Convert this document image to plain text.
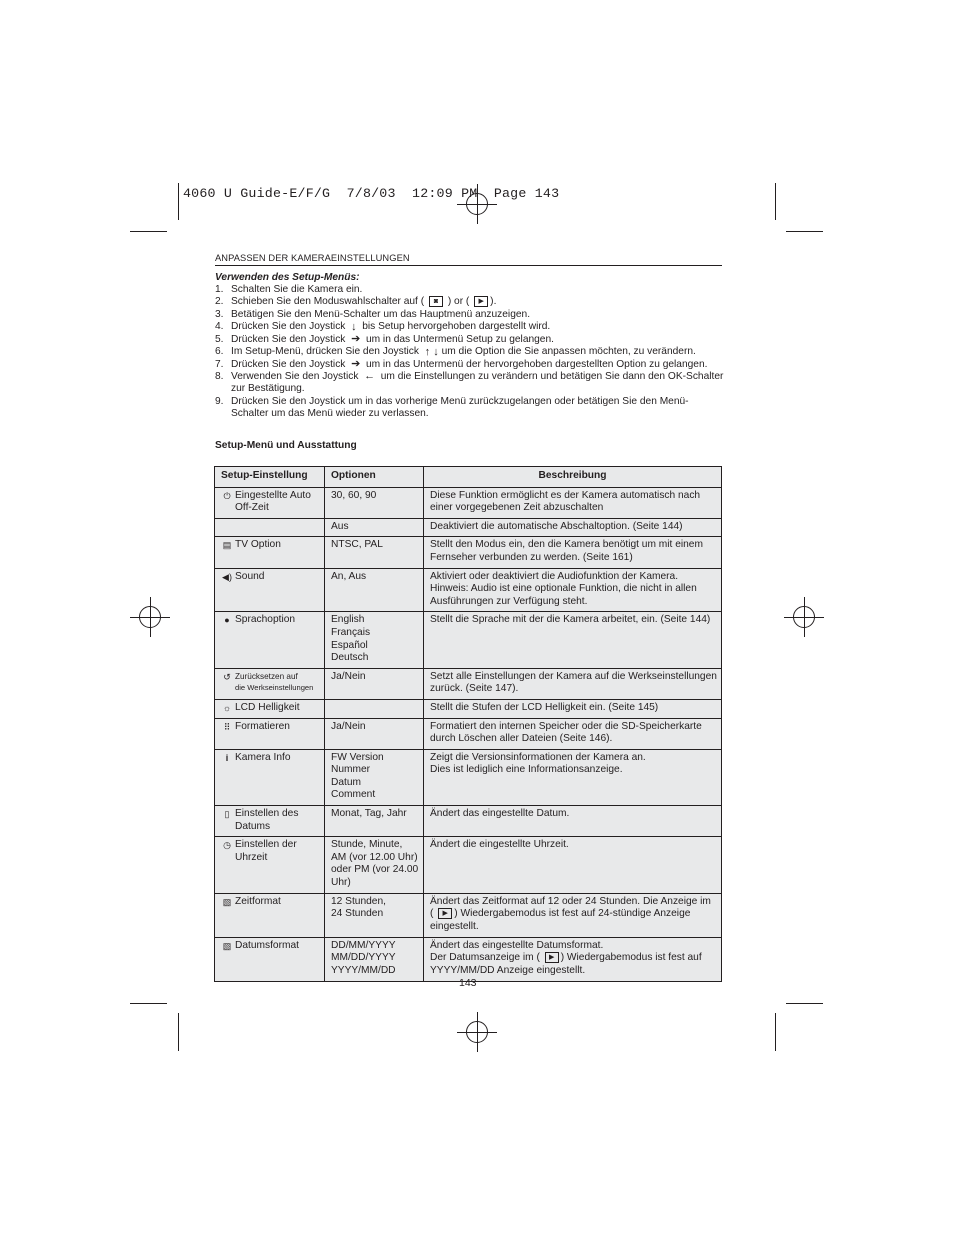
4060 U Guide-E/F/G  7/8/03  12:09 PM  Page 143
ANPASSEN DER KAMERAEINSTELLUNGEN
Verwenden des Setup-Menüs:
1. Schalten Sie die Kamera ein.
2. Schieben Sie den Moduswahlschalter auf ( ◙ ) or ( ▶ ).
3. Betätigen Sie den Menü-Schalter um das Hauptmenü anzuzeigen.
4. Drücken Sie den Joystick ↓ bis Setup hervorgehoben dargestellt wird.
5. Drücken Sie den Joystick ➔ um in das Untermenü Setup zu gelangen.
6. Im Setup-Menü, drücken Sie den Joystick ↑ ↓ um die Option die Sie anpassen möchten, zu verändern.
7. Drücken Sie den Joystick ➔ um in das Untermenü der hervorgehoben dargestellten Option zu gelangen.
8. Verwenden Sie den Joystick ← um die Einstellungen zu verändern und betätigen Sie dann den OK-Schalter zur Bestätigung.
9. Drücken Sie den Joystick um in das vorherige Menü zurückzugelangen oder betätigen Sie den Menü-Schalter um das Menü wieder zu verlassen.
Setup-Menü und Ausstattung
Setup-Einstellung	Optionen	Beschreibung

⏻ Eingestellte Auto Off-Zeit	30, 60, 90	Diese Funktion ermöglicht es der Kamera automatisch nach einer vorgegebenen Zeit abzuschalten
	Aus	Deaktiviert die automatische Abschaltoption. (Seite 144)

▤ TV Option	NTSC, PAL	Stellt den Modus ein, den die Kamera benötigt um mit einem Fernseher verbunden zu werden. (Seite 161)

◀) Sound	An, Aus	Aktiviert oder deaktiviert die Audiofunktion der Kamera. Hinweis: Audio ist eine optionale Funktion, die nicht in allen Ausführungen zur Verfügung steht.

● Sprachoption	English
Français
Español
Deutsch	Stellt die Sprache mit der die Kamera arbeitet, ein. (Seite 144)

↺ Zurücksetzen auf
die Werkseinstellungen	Ja/Nein	Setzt alle Einstellungen der Kamera auf die Werkseinstellungen zurück. (Seite 147).

☼ LCD Helligkeit		Stellt die Stufen der LCD Helligkeit ein. (Seite 145)

⠿ Formatieren	Ja/Nein	Formatiert den internen Speicher oder die SD-Speicherkarte durch Löschen aller Dateien (Seite 146).

i Kamera Info	FW Version
Nummer
Datum
Comment	Zeigt die Versionsinformationen der Kamera an.
Dies ist lediglich eine Informationsanzeige.

▯ Einstellen des Datums	Monat, Tag, Jahr	Ändert das eingestellte Datum.

◷ Einstellen der Uhrzeit	Stunde, Minute, AM (vor 12.00 Uhr) oder PM (vor 24.00 Uhr)	Ändert die eingestellte Uhrzeit.

▧ Zeitformat	12 Stunden,
24 Stunden	Ändert das Zeitformat auf 12 oder 24 Stunden. Die Anzeige im ( ▶ ) Wiedergabemodus ist fest auf 24-stündige Anzeige eingestellt.

▧ Datumsformat	DD/MM/YYYY
MM/DD/YYYY
YYYY/MM/DD	Ändert das eingestellte Datumsformat.
Der Datumsanzeige im ( ▶ ) Wiedergabemodus ist fest auf YYYY/MM/DD Anzeige eingestellt.
143
